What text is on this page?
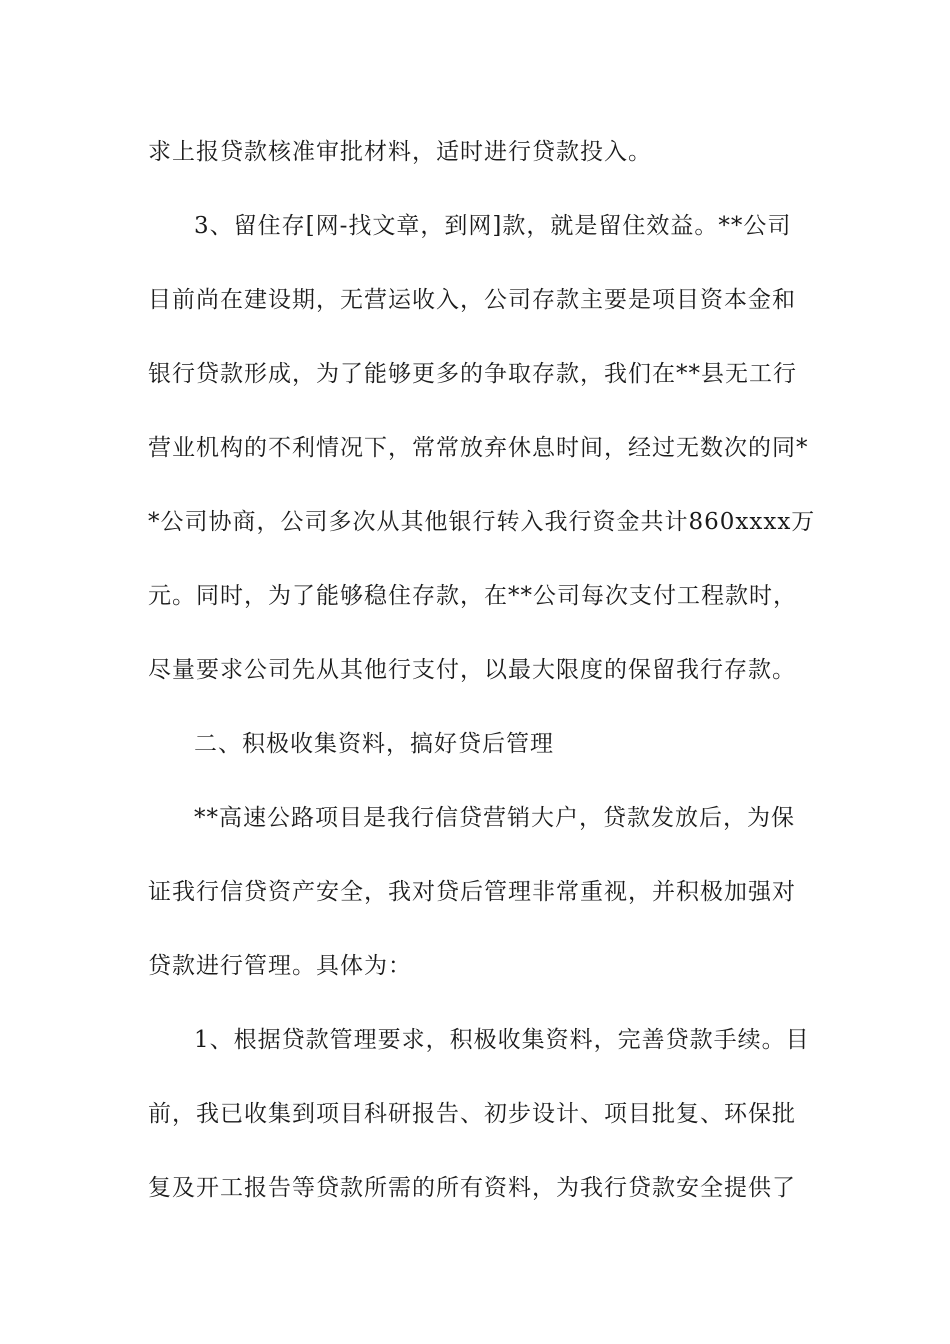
求上报贷款核准审批材料，适时进行贷款投入。
3、留住存[网-找文章，到网]款，就是留住效益。**公司
目前尚在建设期，无营运收入，公司存款主要是项目资本金和
银行贷款形成，为了能够更多的争取存款，我们在**县无工行
营业机构的不利情况下，常常放弃休息时间，经过无数次的同*
*公司协商，公司多次从其他银行转入我行资金共计860xxxx万
元。同时，为了能够稳住存款，在**公司每次支付工程款时，
尽量要求公司先从其他行支付，以最大限度的保留我行存款。
二、积极收集资料，搞好贷后管理
**高速公路项目是我行信贷营销大户，贷款发放后，为保
证我行信贷资产安全，我对贷后管理非常重视，并积极加强对
贷款进行管理。具体为：
1、根据贷款管理要求，积极收集资料，完善贷款手续。目
前，我已收集到项目科研报告、初步设计、项目批复、环保批
复及开工报告等贷款所需的所有资料，为我行贷款安全提供了
